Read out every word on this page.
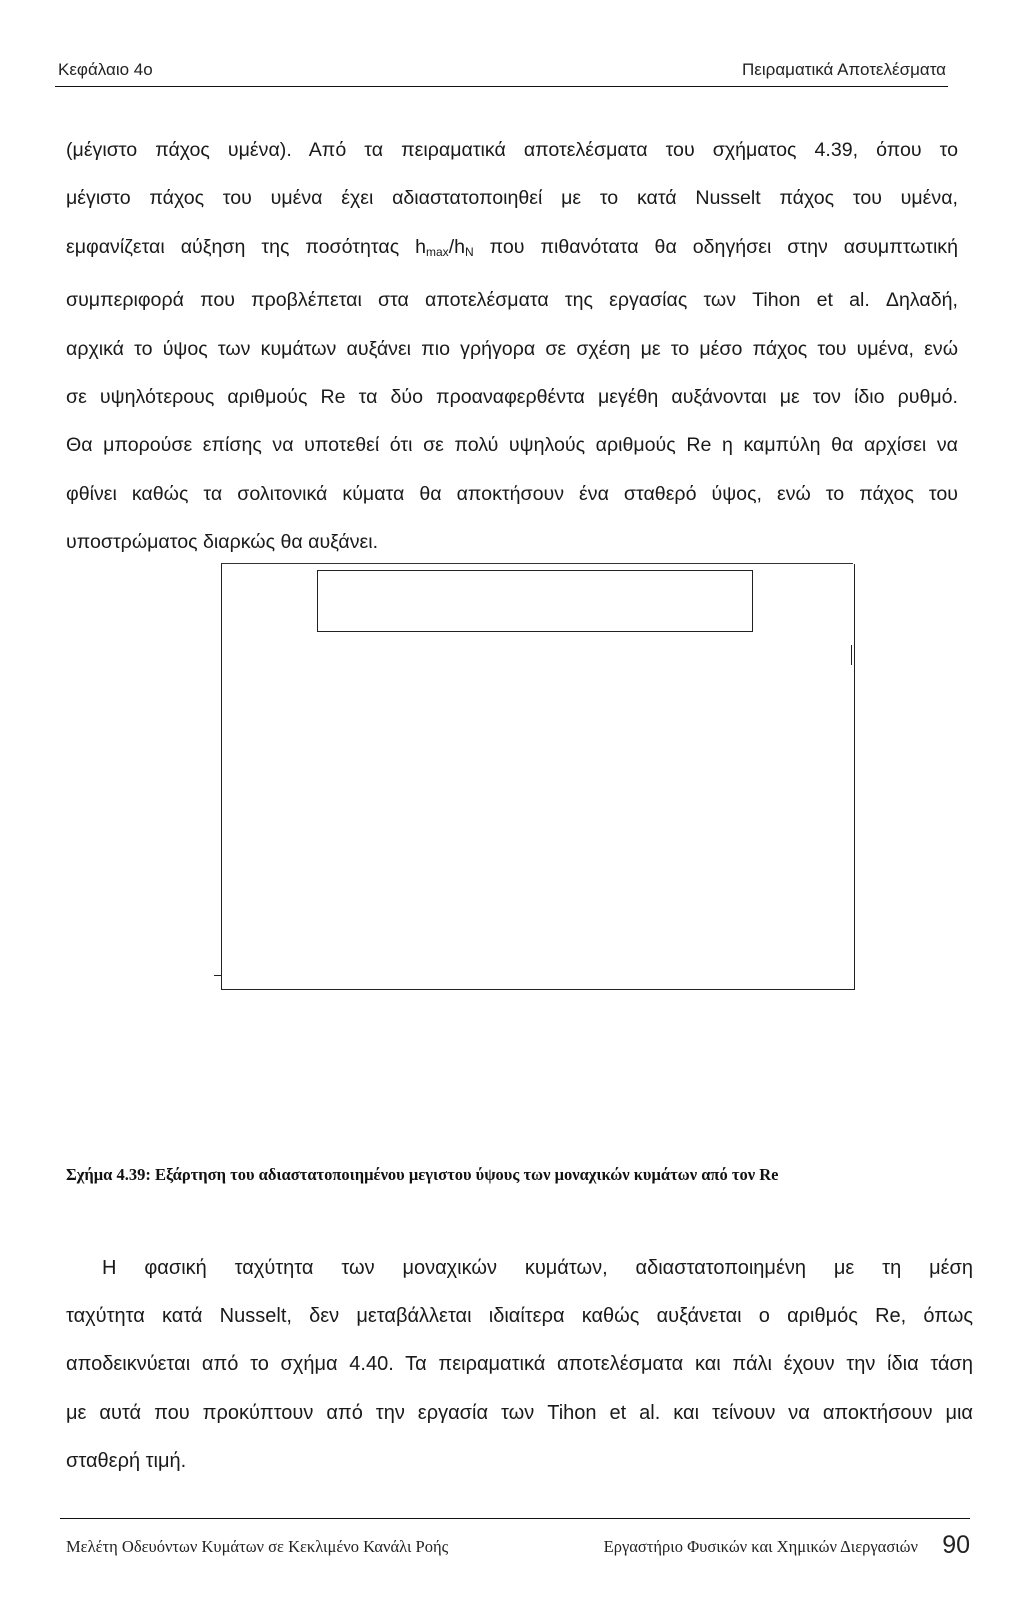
Κεφάλαιο 4ο	Πειραματικά Αποτελέσματα
(μέγιστο πάχος υμένα). Από τα πειραματικά αποτελέσματα του σχήματος 4.39, όπου το
μέγιστο πάχος του υμένα έχει αδιαστατοποιηθεί με το κατά Nusselt πάχος του υμένα,
εμφανίζεται αύξηση της ποσότητας $h_{max}/h_N$ που πιθανότατα θα οδηγήσει στην ασυμπτωτική
συμπεριφορά που προβλέπεται στα αποτελέσματα της εργασίας των Tihon et al. Δηλαδή,
αρχικά το ύψος των κυμάτων αυξάνει πιο γρήγορα σε σχέση με το μέσο πάχος του υμένα, ενώ
σε υψηλότερους αριθμούς Re τα δύο προαναφερθέντα μεγέθη αυξάνονται με τον ίδιο ρυθμό.
Θα μπορούσε επίσης να υποτεθεί ότι σε πολύ υψηλούς αριθμούς Re η καμπύλη θα αρχίσει να
φθίνει καθώς τα σολιτονικά κύματα θα αποκτήσουν ένα σταθερό ύψος, ενώ το πάχος του
υποστρώματος διαρκώς θα αυξάνει.
Σχήμα 4.39: Εξάρτηση του αδιαστατοποιημένου μεγιστου ύψους των μοναχικών κυμάτων από τον Re
Η φασική ταχύτητα των μοναχικών κυμάτων, αδιαστατοποιημένη με τη μέση
ταχύτητα κατά Nusselt, δεν μεταβάλλεται ιδιαίτερα καθώς αυξάνεται ο αριθμός Re, όπως
αποδεικνύεται από το σχήμα 4.40. Τα πειραματικά αποτελέσματα και πάλι έχουν την ίδια τάση
με αυτά που προκύπτουν από την εργασία των Tihon et al. και τείνουν να αποκτήσουν μια
σταθερή τιμή.
Μελέτη Οδευόντων Κυμάτων σε Κεκλιμένο Κανάλι Ροής	Εργαστήριο Φυσικών και Χημικών Διεργασιών 90
